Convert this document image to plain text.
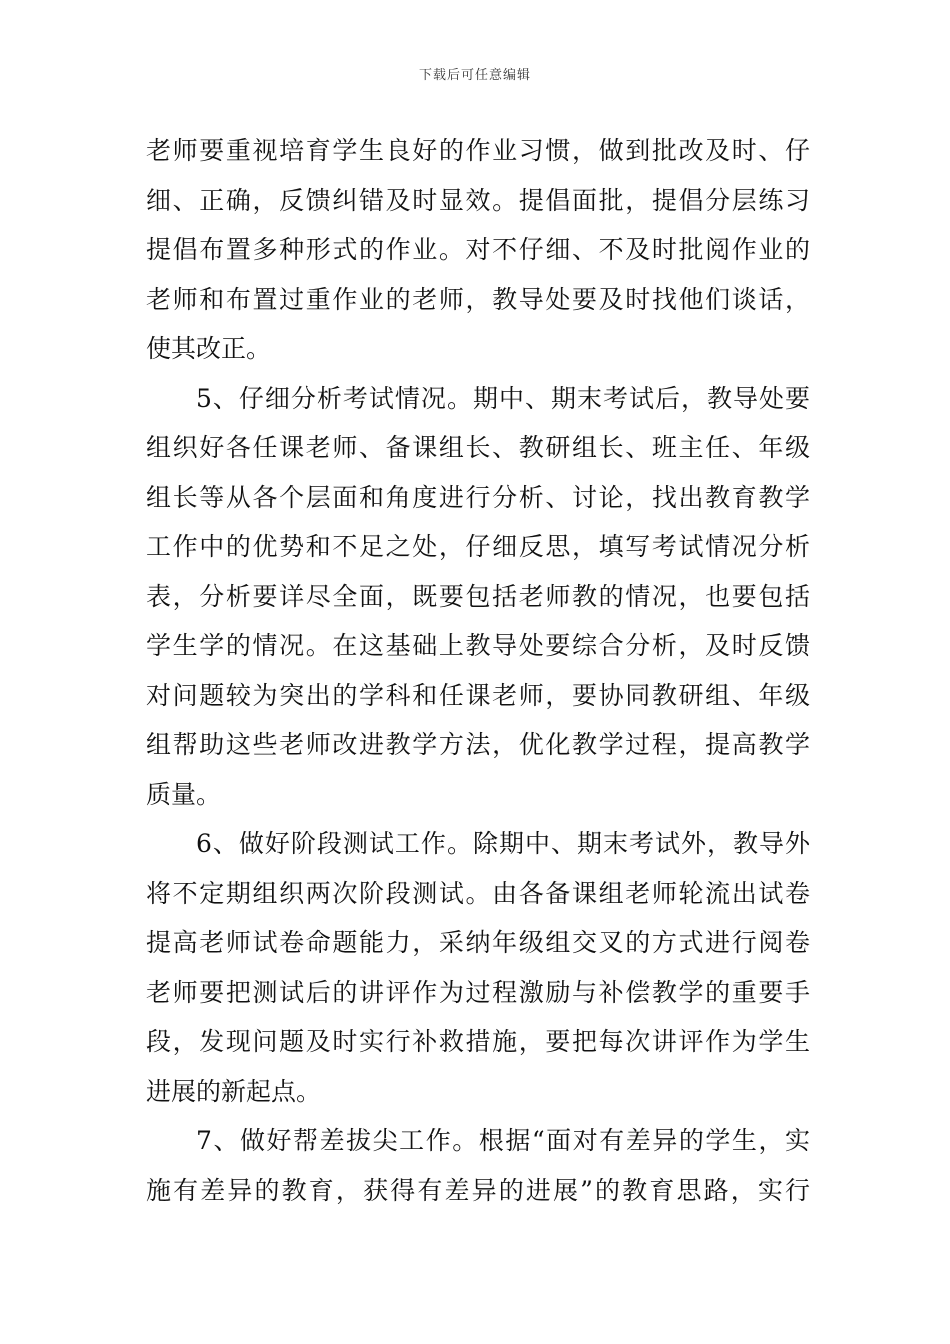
下载后可任意编辑
老师要重视培育学生良好的作业习惯，做到批改及时、仔
细、正确，反馈纠错及时显效。提倡面批，提倡分层练习
提倡布置多种形式的作业。对不仔细、不及时批阅作业的
老师和布置过重作业的老师，教导处要及时找他们谈话，
使其改正。
5、仔细分析考试情况。期中、期末考试后，教导处要
组织好各任课老师、备课组长、教研组长、班主任、年级
组长等从各个层面和角度进行分析、讨论，找出教育教学
工作中的优势和不足之处，仔细反思，填写考试情况分析
表，分析要详尽全面，既要包括老师教的情况，也要包括
学生学的情况。在这基础上教导处要综合分析，及时反馈
对问题较为突出的学科和任课老师，要协同教研组、年级
组帮助这些老师改进教学方法，优化教学过程，提高教学
质量。
6、做好阶段测试工作。除期中、期末考试外，教导外
将不定期组织两次阶段测试。由各备课组老师轮流出试卷
提高老师试卷命题能力，采纳年级组交叉的方式进行阅卷
老师要把测试后的讲评作为过程激励与补偿教学的重要手
段，发现问题及时实行补救措施，要把每次讲评作为学生
进展的新起点。
7、做好帮差拔尖工作。根据“面对有差异的学生，实
施有差异的教育，获得有差异的进展”的教育思路，实行
